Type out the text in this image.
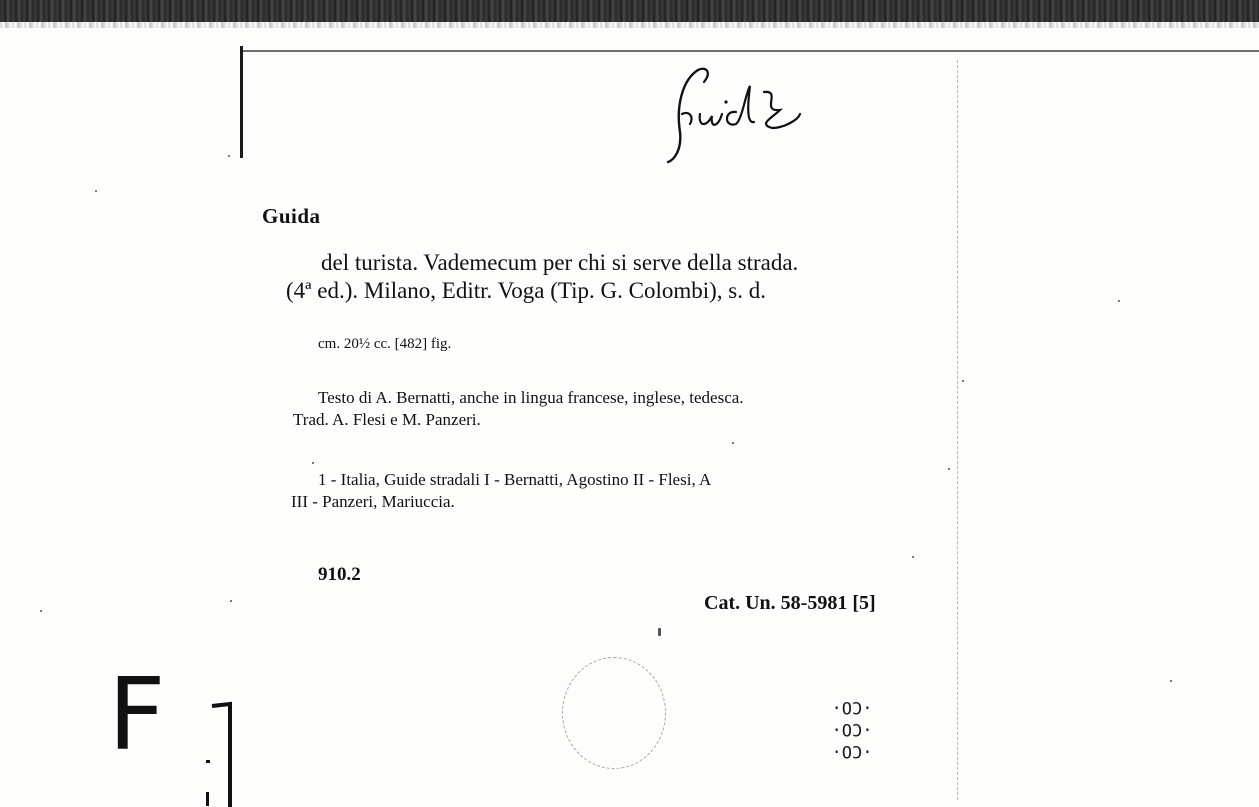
Guida
del turista. Vademecum per chi si serve della strada.
(4ª ed.). Milano, Editr. Voga (Tip. G. Colombi), s. d.
cm. 20½ cc. [482] fig.
Testo di A. Bernatti, anche in lingua francese, inglese, tedesca.
Trad. A. Flesi e M. Panzeri.
1 - Italia, Guide stradali I - Bernatti, Agostino II - Flesi, A
III - Panzeri, Mariuccia.
910.2
Cat. Un. 58-5981 [5]
F	·CO·
·CO·
·CO·
